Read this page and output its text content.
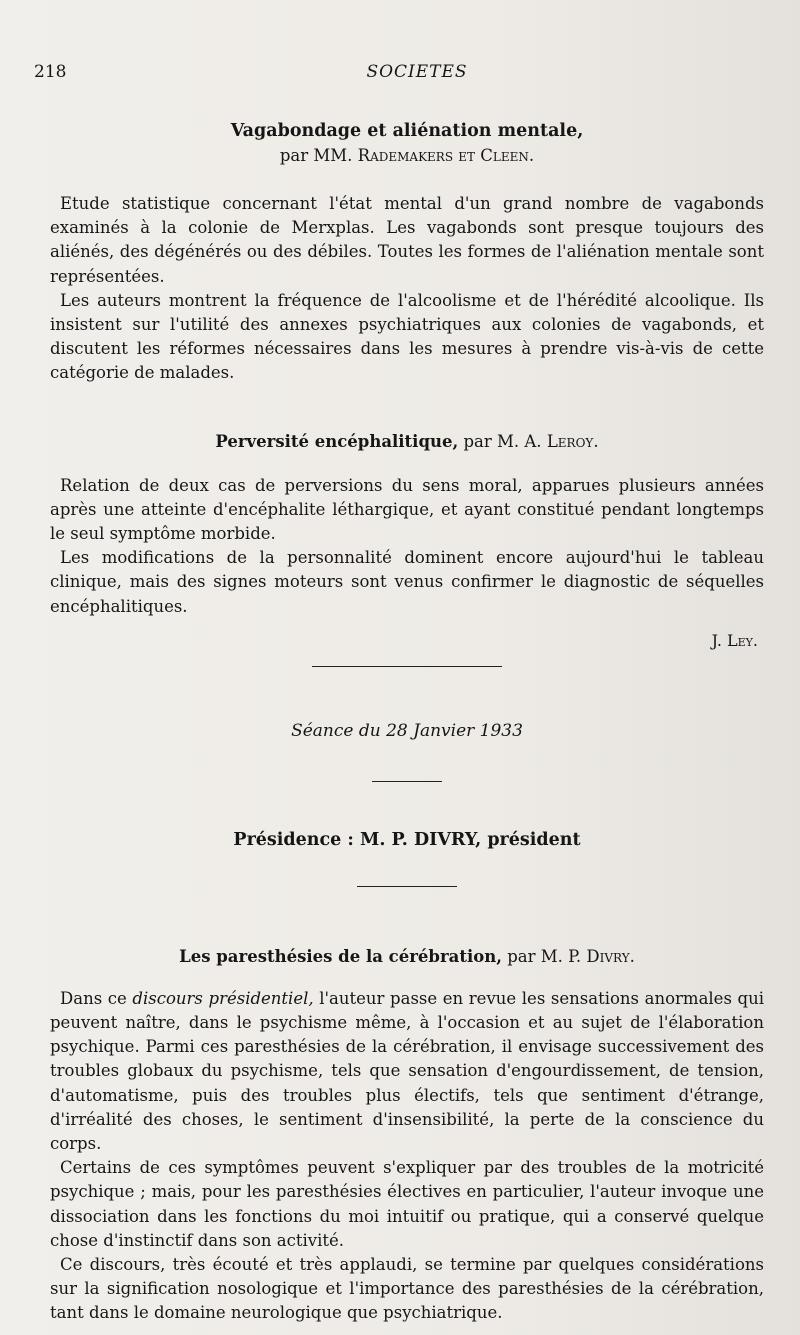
218	SOCIETES
Vagabondage et aliénation mentale,
par MM. Rademakers et Cleen.

Etude statistique concernant l'état mental d'un grand nombre de vagabonds examinés à la colonie de Merxplas. Les vagabonds sont presque toujours des aliénés, des dégénérés ou des débiles. Toutes les formes de l'aliénation mentale sont représentées.

Les auteurs montrent la fréquence de l'alcoolisme et de l'hérédité alcoolique. Ils insistent sur l'utilité des annexes psychiatriques aux colonies de vagabonds, et discutent les réformes nécessaires dans les mesures à prendre vis-à-vis de cette catégorie de malades.

Perversité encéphalitique, par M. A. Leroy.

Relation de deux cas de perversions du sens moral, apparues plusieurs années après une atteinte d'encéphalite léthargique, et ayant constitué pendant longtemps le seul symptôme morbide.

Les modifications de la personnalité dominent encore aujourd'hui le tableau clinique, mais des signes moteurs sont venus confirmer le diagnostic de séquelles encéphalitiques.

J. Ley.
Séance du 28 Janvier 1933
Présidence : M. P. DIVRY, président
Les paresthésies de la cérébration, par M. P. Divry.

Dans ce discours présidentiel, l'auteur passe en revue les sensations anormales qui peuvent naître, dans le psychisme même, à l'occasion et au sujet de l'élaboration psychique. Parmi ces paresthésies de la cérébration, il envisage successivement des troubles globaux du psychisme, tels que sensation d'engourdissement, de tension, d'automatisme, puis des troubles plus électifs, tels que sentiment d'étrange, d'irréalité des choses, le sentiment d'insensibilité, la perte de la conscience du corps.

Certains de ces symptômes peuvent s'expliquer par des troubles de la motricité psychique ; mais, pour les paresthésies électives en particulier, l'auteur invoque une dissociation dans les fonctions du moi intuitif ou pratique, qui a conservé quelque chose d'instinctif dans son activité.

Ce discours, très écouté et très applaudi, se termine par quelques considérations sur la signification nosologique et l'importance des paresthésies de la cérébration, tant dans le domaine neurologique que psychiatrique.
